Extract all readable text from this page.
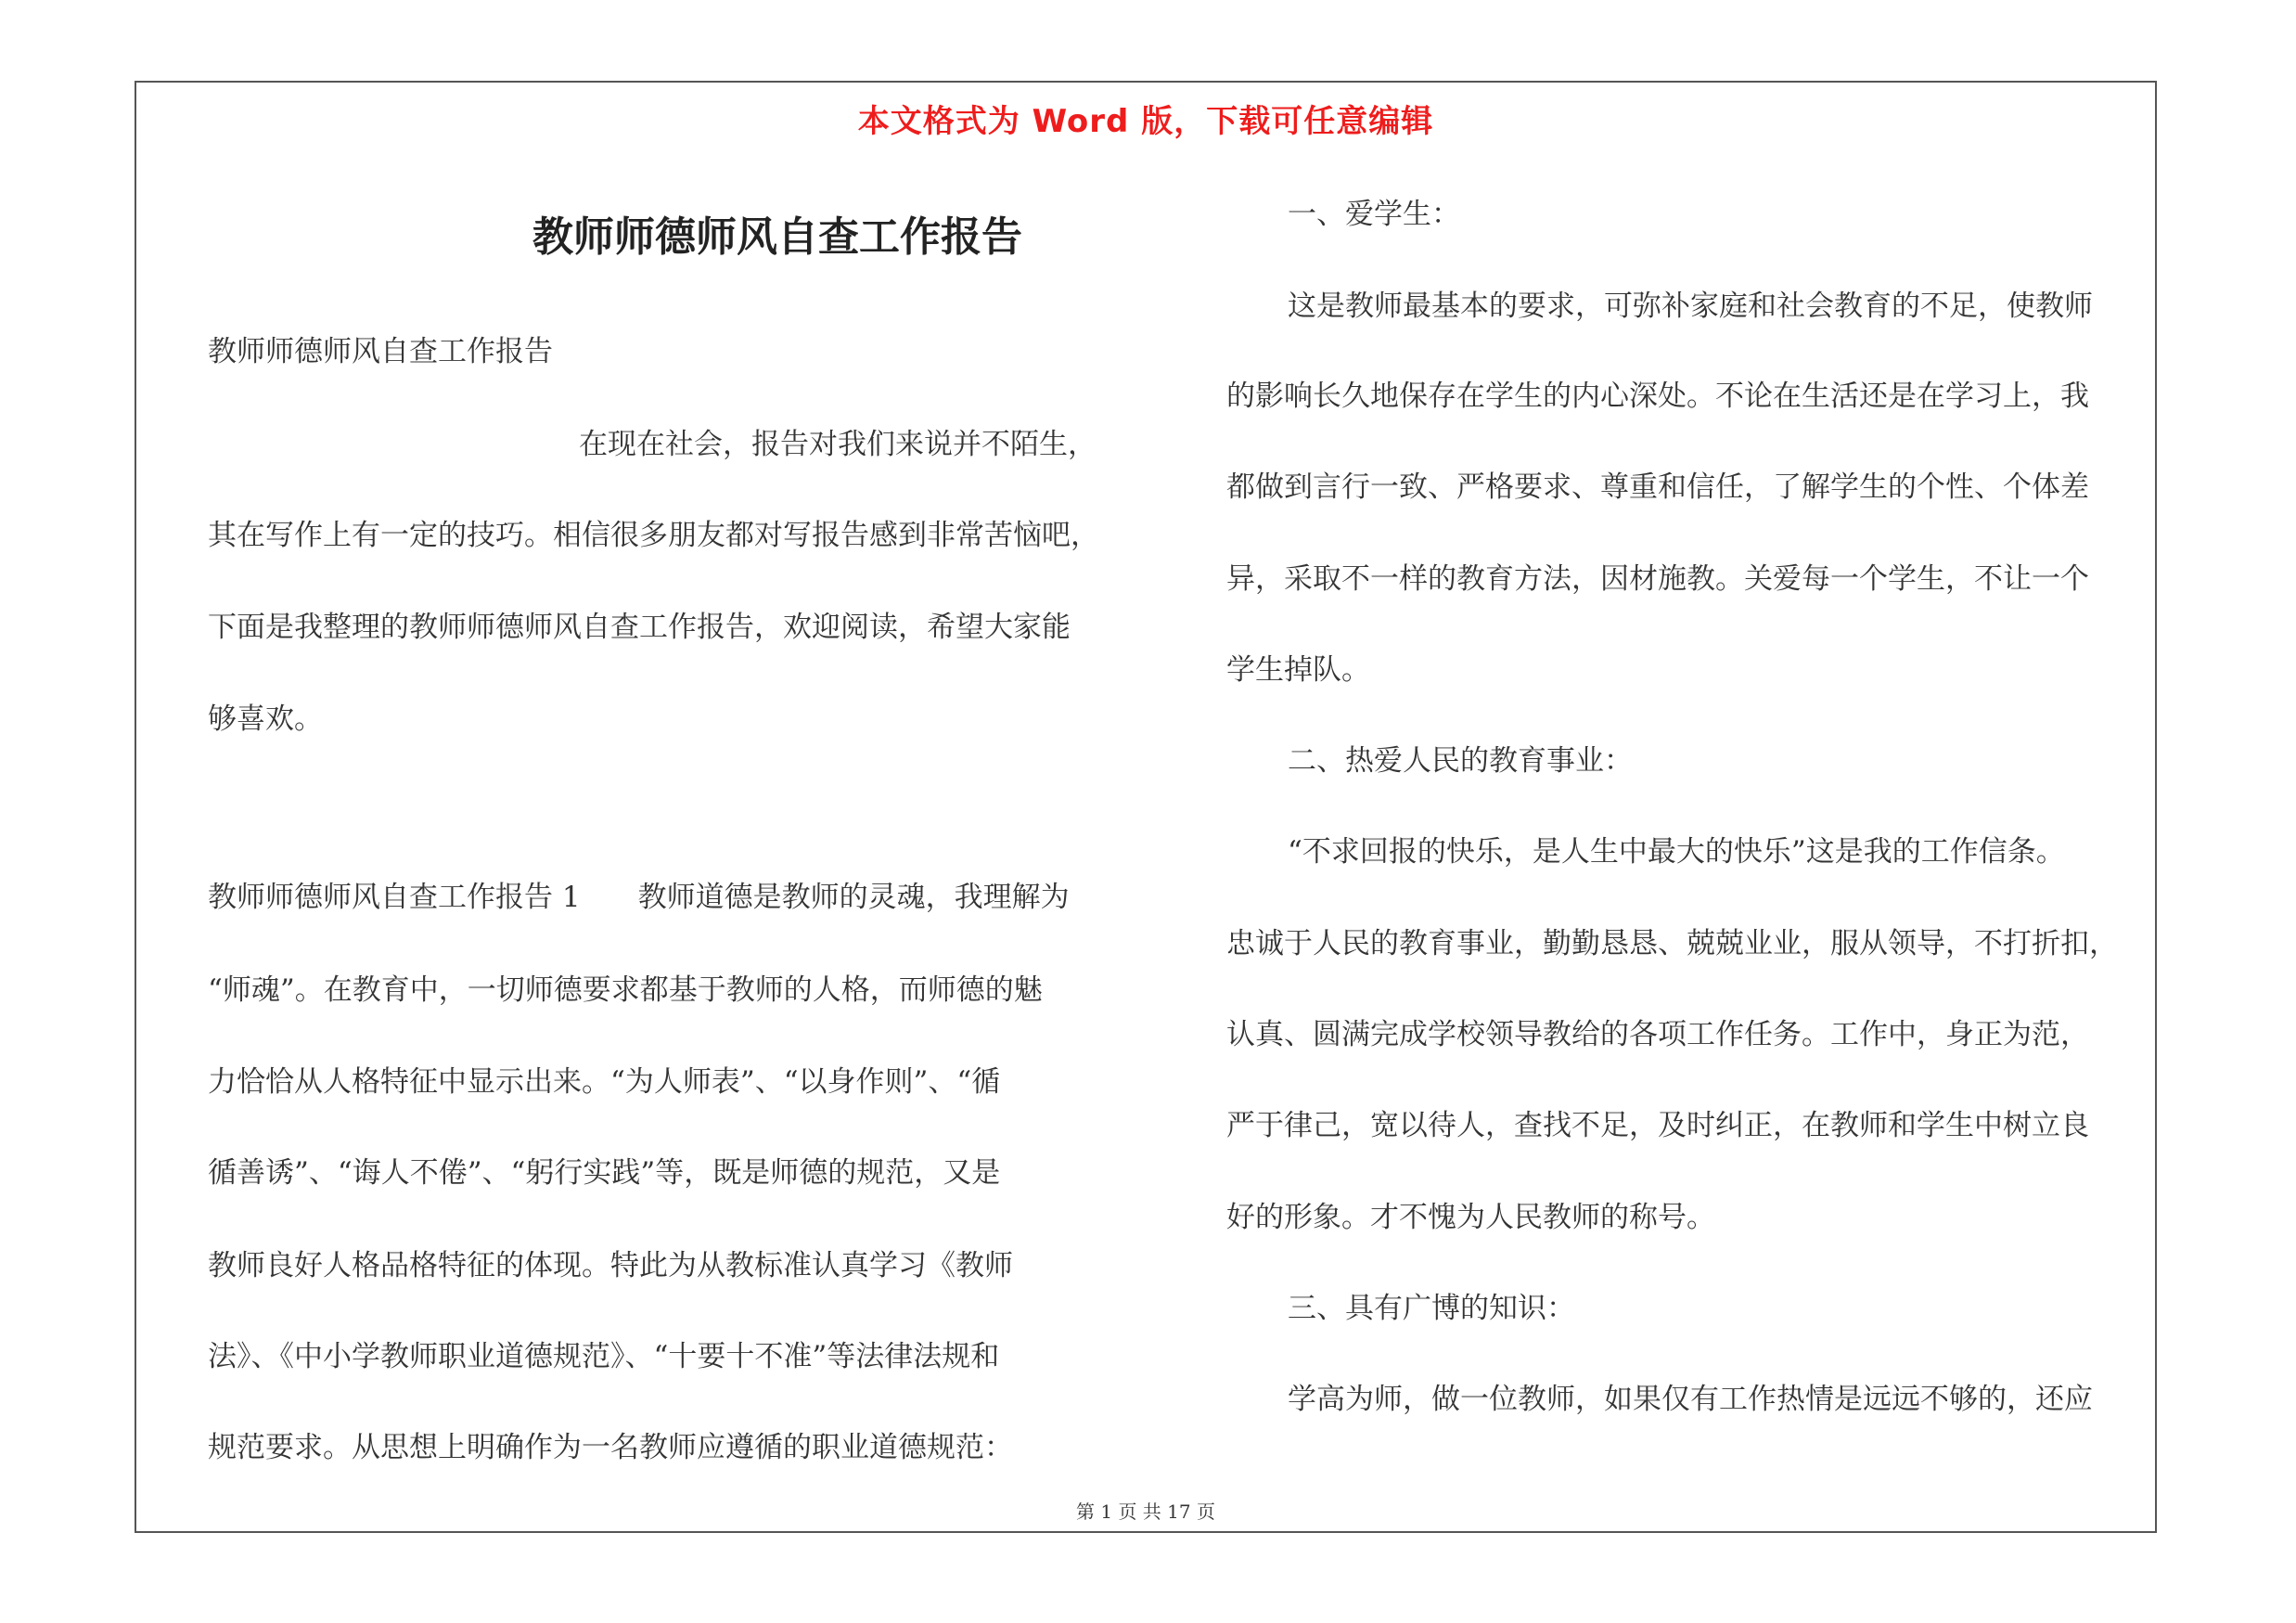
本文格式为 Word 版，下载可任意编辑
教师师德师风自查工作报告
教师师德师风自查工作报告
在现在社会，报告对我们来说并不陌生，
其在写作上有一定的技巧。相信很多朋友都对写报告感到非常苦恼吧，
下面是我整理的教师师德师风自查工作报告，欢迎阅读，希望大家能
够喜欢。
教师师德师风自查工作报告 1　　教师道德是教师的灵魂，我理解为
“师魂”。在教育中，一切师德要求都基于教师的人格，而师德的魅
力恰恰从人格特征中显示出来。“为人师表”、“以身作则”、“循
循善诱”、“诲人不倦”、“躬行实践”等，既是师德的规范，又是
教师良好人格品格特征的体现。特此为从教标准认真学习《教师
法》、《中小学教师职业道德规范》、“十要十不准”等法律法规和
规范要求。从思想上明确作为一名教师应遵循的职业道德规范：
一、爱学生：
这是教师最基本的要求，可弥补家庭和社会教育的不足，使教师
的影响长久地保存在学生的内心深处。不论在生活还是在学习上，我
都做到言行一致、严格要求、尊重和信任，了解学生的个性、个体差
异，采取不一样的教育方法，因材施教。关爱每一个学生，不让一个
学生掉队。
二、热爱人民的教育事业：
“不求回报的快乐，是人生中最大的快乐”这是我的工作信条。
忠诚于人民的教育事业，勤勤恳恳、兢兢业业，服从领导，不打折扣，
认真、圆满完成学校领导教给的各项工作任务。工作中，身正为范，
严于律己，宽以待人，查找不足，及时纠正，在教师和学生中树立良
好的形象。才不愧为人民教师的称号。
三、具有广博的知识：
学高为师，做一位教师，如果仅有工作热情是远远不够的，还应
第 1 页 共 17 页
